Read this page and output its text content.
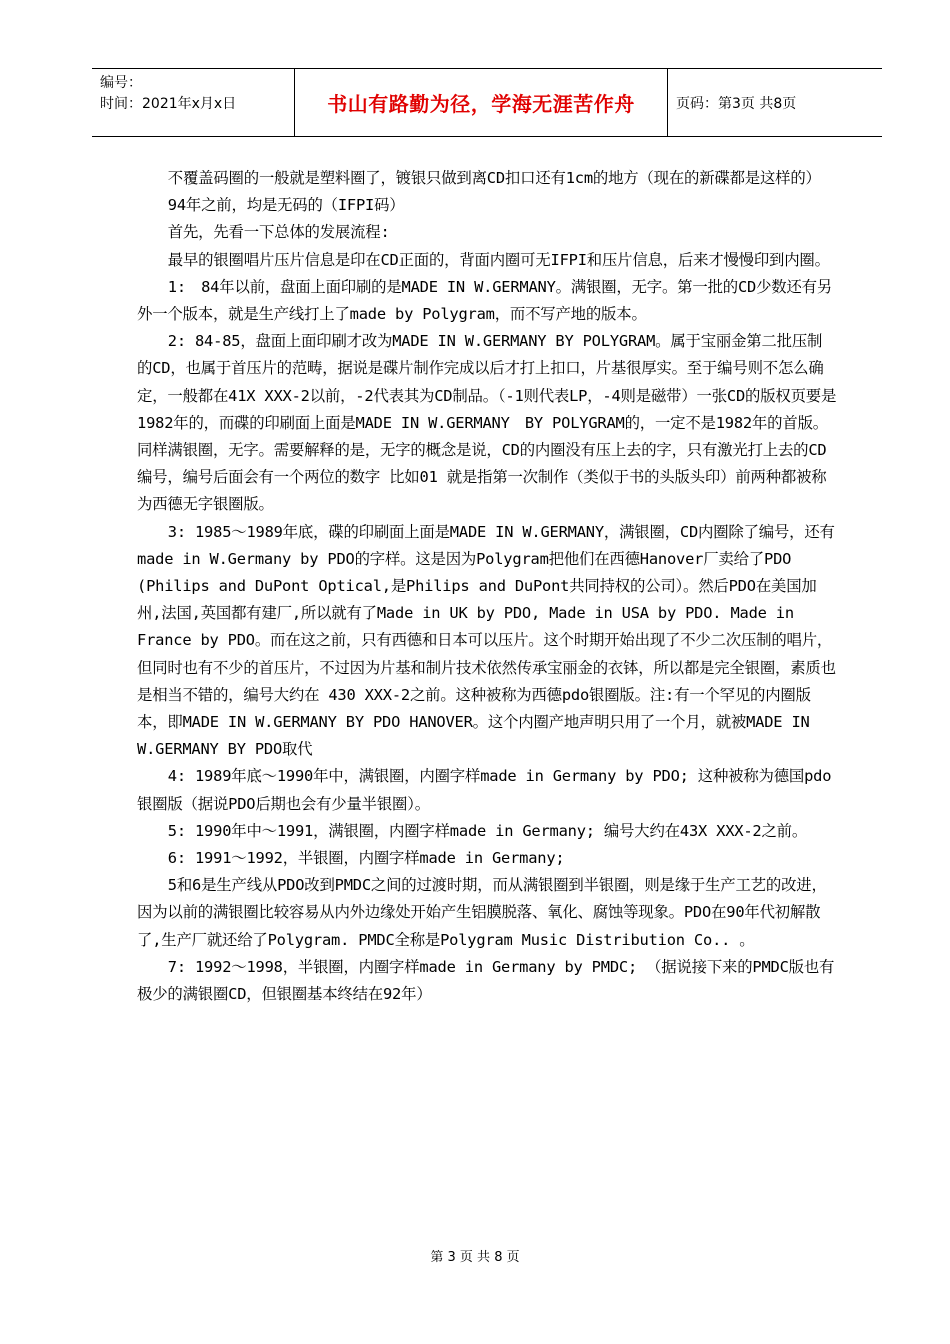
编号：
时间：2021年x月x日	书山有路勤为径，学海无涯苦作舟	页码：第3页 共8页

不覆盖码圈的一般就是塑料圈了，镀银只做到离CD扣口还有1cm的地方（现在的新碟都是这样的）

94年之前，均是无码的（IFPI码）

首先，先看一下总体的发展流程:

最早的银圈唱片压片信息是印在CD正面的，背面内圈可无IFPI和压片信息，后来才慢慢印到内圈。

1:　84年以前，盘面上面印刷的是MADE IN W.GERMANY。满银圈，无字。第一批的CD少数还有另外一个版本，就是生产线打上了made by Polygram，而不写产地的版本。

2: 84-85，盘面上面印刷才改为MADE IN W.GERMANY BY POLYGRAM。属于宝丽金第二批压制的CD，也属于首压片的范畴，据说是碟片制作完成以后才打上扣口，片基很厚实。至于编号则不怎么确定，一般都在41X XXX-2以前，-2代表其为CD制品。（-1则代表LP，-4则是磁带）一张CD的版权页要是1982年的，而碟的印刷面上面是MADE IN W.GERMANY　BY POLYGRAM的，一定不是1982年的首版。同样满银圈，无字。需要解释的是，无字的概念是说，CD的内圈没有压上去的字，只有激光打上去的CD编号，编号后面会有一个两位的数字 比如01 就是指第一次制作（类似于书的头版头印）前两种都被称为西德无字银圈版。

3: 1985～1989年底，碟的印刷面上面是MADE IN W.GERMANY，满银圈，CD内圈除了编号，还有made in W.Germany by PDO的字样。这是因为Polygram把他们在西德Hanover厂卖给了PDO (Philips and DuPont Optical,是Philips and DuPont共同持权的公司）。然后PDO在美国加州,法国,英国都有建厂,所以就有了Made in UK by PDO, Made in USA by PDO. Made in France by PDO。而在这之前，只有西德和日本可以压片。这个时期开始出现了不少二次压制的唱片，但同时也有不少的首压片，不过因为片基和制片技术依然传承宝丽金的衣钵，所以都是完全银圈，素质也是相当不错的，编号大约在 430 XXX-2之前。这种被称为西德pdo银圈版。注:有一个罕见的内圈版本，即MADE IN W.GERMANY BY PDO HANOVER。这个内圈产地声明只用了一个月，就被MADE IN W.GERMANY BY PDO取代

4: 1989年底～1990年中，满银圈，内圈字样made in Germany by PDO; 这种被称为德国pdo银圈版（据说PDO后期也会有少量半银圈）。

5: 1990年中～1991，满银圈，内圈字样made in Germany; 编号大约在43X XXX-2之前。

6: 1991～1992，半银圈，内圈字样made in Germany;

5和6是生产线从PDO改到PMDC之间的过渡时期，而从满银圈到半银圈，则是缘于生产工艺的改进，因为以前的满银圈比较容易从内外边缘处开始产生铝膜脱落、氧化、腐蚀等现象。PDO在90年代初解散了,生产厂就还给了Polygram. PMDC全称是Polygram Music Distribution Co.. 。

7: 1992～1998，半银圈，内圈字样made in Germany by PMDC; （据说接下来的PMDC版也有极少的满银圈CD，但银圈基本终结在92年）

第 3 页 共 8 页
